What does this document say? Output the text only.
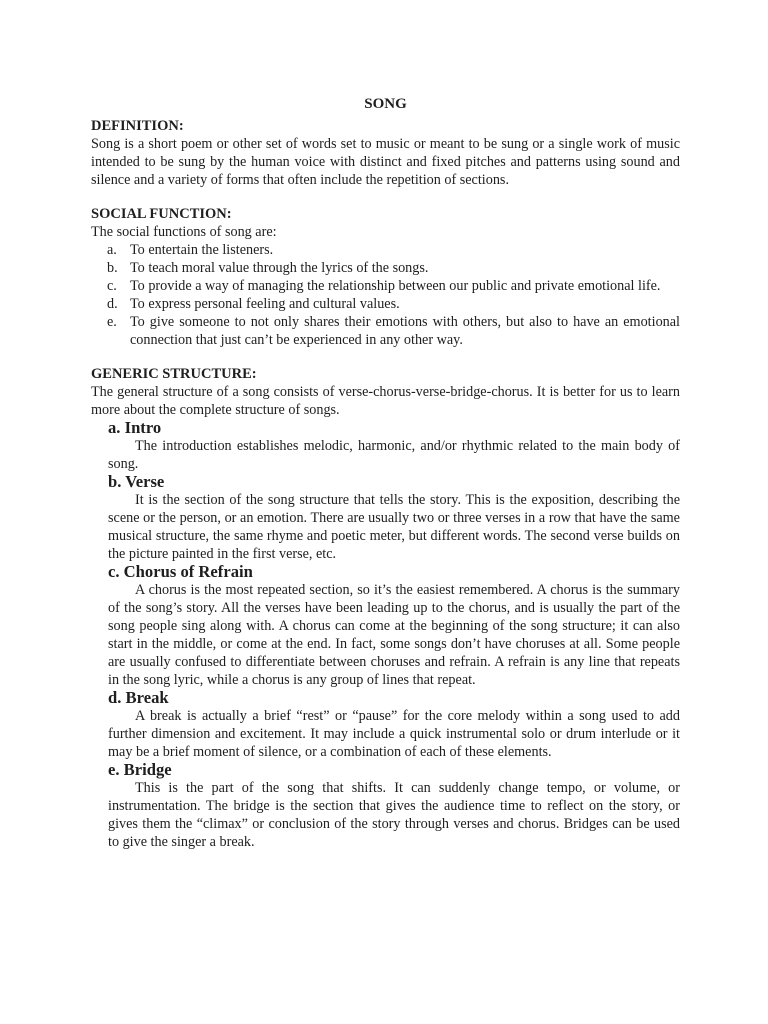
SONG
DEFINITION:

Song is a short poem or other set of words set to music or meant to be sung or a single work of music intended to be sung by the human voice with distinct and fixed pitches and patterns using sound and silence and a variety of forms that often include the repetition of sections.

SOCIAL FUNCTION:

The social functions of song are:

a. To entertain the listeners.
b. To teach moral value through the lyrics of the songs.
c. To provide a way of managing the relationship between our public and private emotional life.
d. To express personal feeling and cultural values.
e. To give someone to not only shares their emotions with others, but also to have an emotional connection that just can’t be experienced in any other way.
GENERIC STRUCTURE:

The general structure of a song consists of verse-chorus-verse-bridge-chorus. It is better for us to learn more about the complete structure of songs.

a. Intro

The introduction establishes melodic, harmonic, and/or rhythmic related to the main body of song.

b. Verse

It is the section of the song structure that tells the story. This is the exposition, describing the scene or the person, or an emotion. There are usually two or three verses in a row that have the same musical structure, the same rhyme and poetic meter, but different words. The second verse builds on the picture painted in the first verse, etc.

c. Chorus of Refrain

A chorus is the most repeated section, so it’s the easiest remembered. A chorus is the summary of the song’s story. All the verses have been leading up to the chorus, and is usually the part of the song people sing along with. A chorus can come at the beginning of the song structure; it can also start in the middle, or come at the end. In fact, some songs don’t have choruses at all. Some people are usually confused to differentiate between choruses and refrain. A refrain is any line that repeats in the song lyric, while a chorus is any group of lines that repeat.

d. Break

A break is actually a brief “rest” or “pause” for the core melody within a song used to add further dimension and excitement. It may include a quick instrumental solo or drum interlude or it may be a brief moment of silence, or a combination of each of these elements.

e. Bridge

This is the part of the song that shifts. It can suddenly change tempo, or volume, or instrumentation. The bridge is the section that gives the audience time to reflect on the story, or gives them the “climax” or conclusion of the story through verses and chorus. Bridges can be used to give the singer a break.
